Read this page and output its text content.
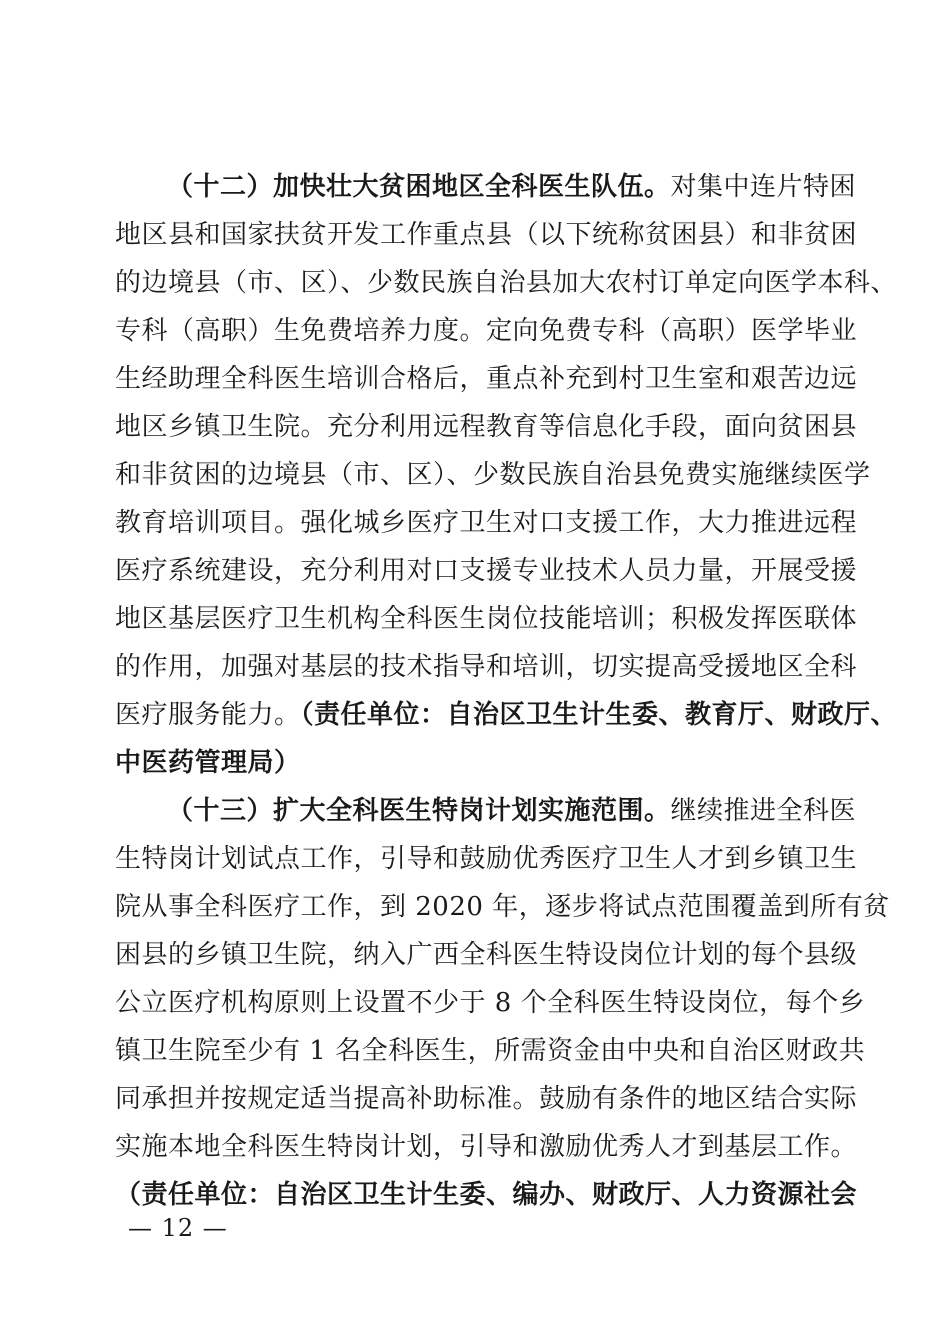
（十二）加快壮大贫困地区全科医生队伍。对集中连片特困
地区县和国家扶贫开发工作重点县（以下统称贫困县）和非贫困
的边境县（市、区）、少数民族自治县加大农村订单定向医学本科、
专科（高职）生免费培养力度。定向免费专科（高职）医学毕业
生经助理全科医生培训合格后，重点补充到村卫生室和艰苦边远
地区乡镇卫生院。充分利用远程教育等信息化手段，面向贫困县
和非贫困的边境县（市、区）、少数民族自治县免费实施继续医学
教育培训项目。强化城乡医疗卫生对口支援工作，大力推进远程
医疗系统建设，充分利用对口支援专业技术人员力量，开展受援
地区基层医疗卫生机构全科医生岗位技能培训；积极发挥医联体
的作用，加强对基层的技术指导和培训，切实提高受援地区全科
医疗服务能力。（责任单位：自治区卫生计生委、教育厅、财政厅、
中医药管理局）
（十三）扩大全科医生特岗计划实施范围。继续推进全科医
生特岗计划试点工作，引导和鼓励优秀医疗卫生人才到乡镇卫生
院从事全科医疗工作，到 2020 年，逐步将试点范围覆盖到所有贫
困县的乡镇卫生院，纳入广西全科医生特设岗位计划的每个县级
公立医疗机构原则上设置不少于 8 个全科医生特设岗位，每个乡
镇卫生院至少有 1 名全科医生，所需资金由中央和自治区财政共
同承担并按规定适当提高补助标准。鼓励有条件的地区结合实际
实施本地全科医生特岗计划，引导和激励优秀人才到基层工作。
（责任单位：自治区卫生计生委、编办、财政厅、人力资源社会
— 12 —
